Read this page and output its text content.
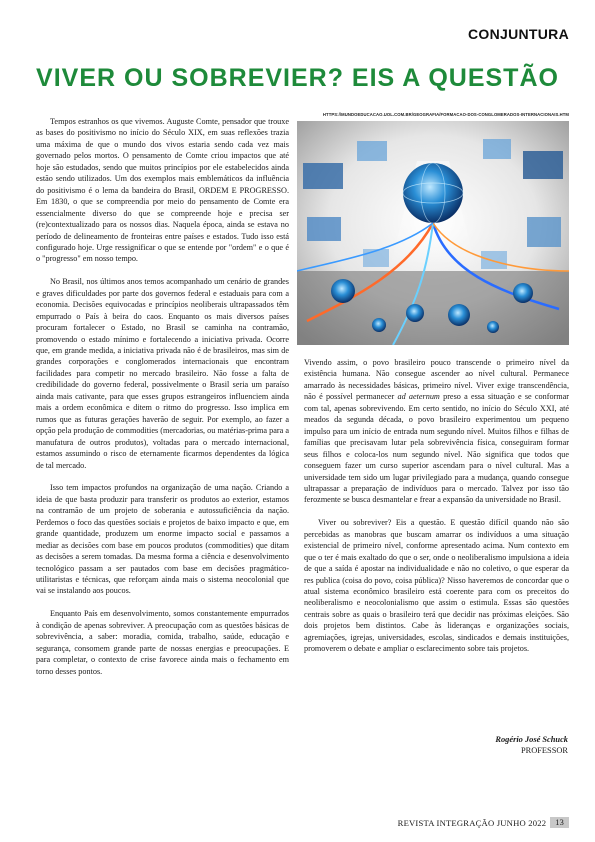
CONJUNTURA
VIVER OU SOBREVIER? EIS A QUESTÃO

Tempos estranhos os que vivemos. Auguste Comte, pensador que trouxe as bases do positivismo no início do Século XIX, em suas reflexões trazia uma máxima de que o mundo dos vivos estaria sendo cada vez mais governado pelos mortos. O pensamento de Comte criou impactos que até hoje são estudados, sendo que muitos princípios por ele estabelecidos ainda estão sendo utilizados. Um dos exemplos mais emblemáticos da influência do positivismo é o lema da bandeira do Brasil, ORDEM E PROGRESSO. Em 1830, o que se compreendia por meio do pensamento de Comte era essencialmente diverso do que se compreende hoje e precisa ser (re)contextualizado para os nossos dias. Naquela época, ainda se estava no período de delineamento de fronteiras entre países e estados. Tudo isso está configurado hoje. Urge ressignificar o que se entende por "ordem" e o que é o "progresso" em nosso tempo.

No Brasil, nos últimos anos temos acompanhado um cenário de grandes e graves dificuldades por parte dos governos federal e estaduais para com a economia. Decisões equivocadas e princípios neoliberais ultrapassados têm empurrado o País à beira do caos. Enquanto os mais diversos países procuram fortalecer o Estado, no Brasil se caminha na contramão, promovendo o estado mínimo e fortalecendo a iniciativa privada. Ocorre que, em grande medida, a iniciativa privada não é de brasileiros, mas sim de grandes corporações e conglomerados internacionais que encontram facilidades para competir no mercado brasileiro. Não fosse a falta de credibilidade do governo federal, possivelmente o Brasil seria um paraíso ainda mais cativante, para que esses grupos estrangeiros influenciem ainda mais a ordem econômica e ditem o ritmo do progresso. Isso implica em rumos que as futuras gerações haverão de seguir. Por exemplo, ao fazer a opção pela produção de commodities (mercadorias, ou matérias-prima para a manufatura de outros produtos), voltadas para o mercado internacional, estamos assumindo o risco de eternamente ficarmos dependentes da lógica de tal mercado.

Isso tem impactos profundos na organização de uma nação. Criando a ideia de que basta produzir para transferir os produtos ao exterior, estamos na contramão de um projeto de soberania e autossuficiência da nação. Perdemos o foco das questões sociais e projetos de baixo impacto e que, em grande quantidade, produzem um enorme impacto social e passamos a mediar as decisões com base em poucos produtos (commodities) que ditam as decisões a serem tomadas. Da mesma forma a ciência e desenvolvimento tecnológico passam a ser pautados com base em decisões pragmático-utilitaristas e técnicas, que reforçam ainda mais o sistema neocolonial que vai se instalando aos poucos.

Enquanto País em desenvolvimento, somos constantemente empurrados à condição de apenas sobreviver. A preocupação com as questões básicas de sobrevivência, a saber: moradia, comida, trabalho, saúde, educação e segurança, consomem grande parte de nossas energias e preocupações. E para completar, o contexto de crise favorece ainda mais o fechamento em torno desses pontos.

HTTPS://MUNDOEDUCACAO.UOL.COM.BR/GEOGRAFIA/FORMACAO-DOS-CONGLOMERADOS-INTERNACIONAIS.HTM

Vivendo assim, o povo brasileiro pouco transcende o primeiro nível da existência humana. Não consegue ascender ao nível cultural. Permanece amarrado às necessidades básicas, primeiro nível. Viver exige transcendência, não é possível permanecer ad aeternum preso a essa situação e se conformar com tal, apenas sobrevivendo. Em certo sentido, no início do Século XXI, até meados da segunda década, o povo brasileiro experimentou um pequeno impulso para um início de entrada num segundo nível. Muitos filhos e filhas de famílias que precisavam lutar pela sobrevivência física, conseguiram formar seus filhos e coloca-los num segundo nível. Não significa que todos que conseguem fazer um curso superior ascendam para o nível cultural. Mas a universidade tem sido um lugar privilegiado para a mudança, quando consegue ultrapassar a preparação de indivíduos para o mercado. Talvez por isso tão ferozmente se busca desmantelar e frear a expansão da universidade no Brasil.

Viver ou sobreviver? Eis a questão. E questão difícil quando não são percebidas as manobras que buscam amarrar os indivíduos a uma situação existencial de primeiro nível, conforme apresentado acima. Num contexto em que o ter é mais exaltado do que o ser, onde o neoliberalismo impulsiona a ideia de que a saída é apostar na individualidade e não no coletivo, o que esperar da res publica (coisa do povo, coisa pública)? Nisso haveremos de concordar que o atual sistema econômico brasileiro está coerente para com os preceitos do neoliberalismo e neocolonialismo que assim o estimula. Essas são questões centrais sobre as quais o brasileiro terá que decidir nas próximas eleições. São dois projetos bem distintos. Cabe às lideranças e organizações sociais, agremiações, igrejas, universidades, escolas, sindicados e demais instituições, promoverem o debate e ampliar o esclarecimento sobre tais projetos.

Rogério José Schuck
PROFESSOR
REVISTA INTEGRAÇÃO JUNHO 2022	13
